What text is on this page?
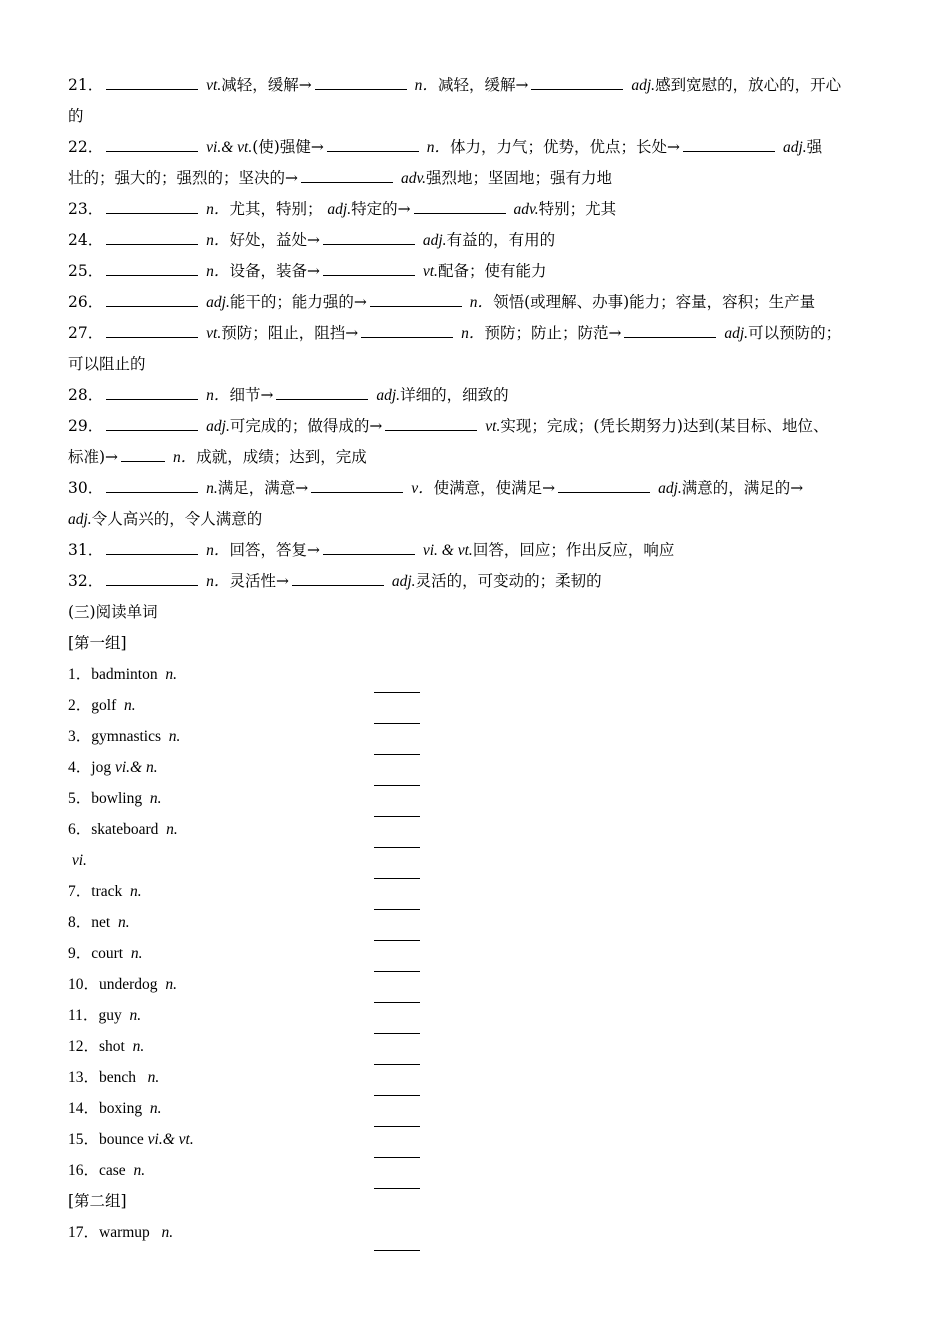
21．	vt.减轻，缓解→	n．减轻，缓解→	adj.感到宽慰的，放心的，开心
的
22．	vi.& vt.(使)强健→	n．体力，力气；优势，优点；长处→	adj.强
壮的；强大的；强烈的；坚决的→	adv.强烈地；坚固地；强有力地
23．	n．尤其，特别； adj.特定的→	adv.特别；尤其
24．	n．好处，益处→	adj.有益的，有用的
25．	n．设备，装备→	vt.配备；使有能力
26．	adj.能干的；能力强的→	n．领悟(或理解、办事)能力；容量，容积；生产量
27．	vt.预防；阻止，阻挡→	n．预防；防止；防范→	adj.可以预防的；
可以阻止的
28．	n．细节→	adj.详细的，细致的
29．	adj.可完成的；做得成的→	vt.实现；完成；(凭长期努力)达到(某目标、地位、
标准)→	n．成就，成绩；达到，完成
30．	n.满足，满意→	v．使满意，使满足→	adj.满意的，满足的→
adj.令人高兴的，令人满意的
31．	n．回答，答复→	vi. & vt.回答，回应；作出反应，响应
32．	n．灵活性→	adj.灵活的，可变动的；柔韧的
(三)阅读单词
[第一组]
1．badminton n.
2．golf n.
3．gymnastics n.
4．jog vi.& n.
5．bowling n.
6．skateboard n.
vi.
7．track n.
8．net n.
9．court n.
10．underdog n.
11．guy n.
12．shot n.
13．bench n.
14．boxing n.
15．bounce vi.& vt.
16．case n.
[第二组]
17．warmup n.
